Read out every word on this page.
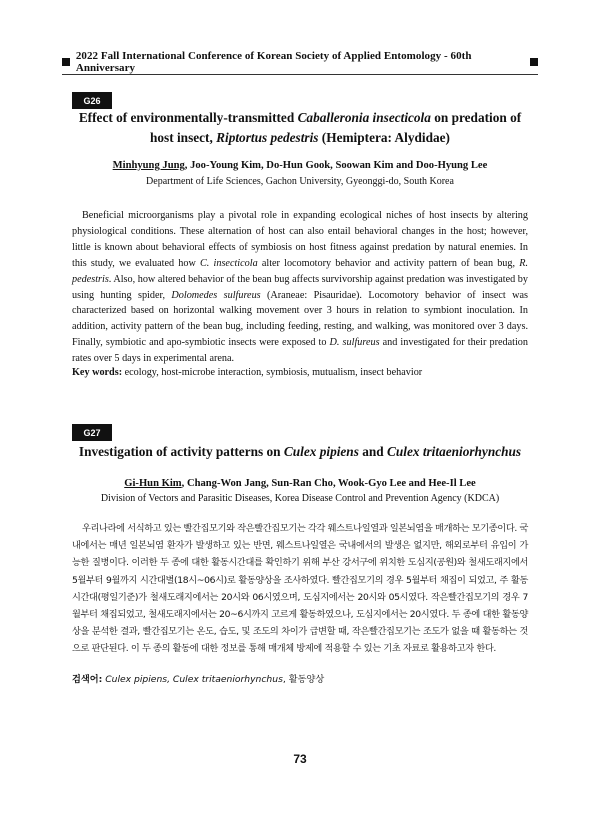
2022 Fall International Conference of Korean Society of Applied Entomology - 60th Anniversary
G26
Effect of environmentally-transmitted Caballeronia insecticola on predation of host insect, Riptortus pedestris (Hemiptera: Alydidae)
Minhyung Jung, Joo-Young Kim, Do-Hun Gook, Soowan Kim and Doo-Hyung Lee
Department of Life Sciences, Gachon University, Gyeonggi-do, South Korea

Beneficial microorganisms play a pivotal role in expanding ecological niches of host insects by altering physiological conditions. These alternation of host can also entail behavioral changes in the host; however, little is known about behavioral effects of symbiosis on host fitness against predation by natural enemies. In this study, we evaluated how C. insecticola alter locomotory behavior and activity pattern of bean bug, R. pedestris. Also, how altered behavior of the bean bug affects survivorship against predation was investigated by using hunting spider, Dolomedes sulfureus (Araneae: Pisauridae). Locomotory behavior of insect was characterized based on horizontal walking movement over 3 hours in relation to symbiont inoculation. In addition, activity pattern of the bean bug, including feeding, resting, and walking, was monitored over 3 days. Finally, symbiotic and apo-symbiotic insects were exposed to D. sulfureus and investigated for their predation rates over 5 days in experimental arena.

Key words: ecology, host-microbe interaction, symbiosis, mutualism, insect behavior
G27
Investigation of activity patterns on Culex pipiens and Culex tritaeniorhynchus
Gi-Hun Kim, Chang-Won Jang, Sun-Ran Cho, Wook-Gyo Lee and Hee-Il Lee
Division of Vectors and Parasitic Diseases, Korea Disease Control and Prevention Agency (KDCA)

우리나라에 서식하고 있는 빨간집모기와 작은빨간집모기는 각각 웨스트나일열과 일본뇌염을 매개하는 모기종이다. 국내에서는 매년 일본뇌염 환자가 발생하고 있는 반면, 웨스트나일열은 국내에서의 발생은 없지만, 해외로부터 유입이 가능한 질병이다. 이러한 두 종에 대한 활동시간대를 확인하기 위해 부산 강서구에 위치한 도심지(공원)와 철새도래지에서 5월부터 9월까지 시간대별(18시~06시)로 활동양상을 조사하였다. 빨간집모기의 경우 5월부터 채집이 되었고, 주 활동시간대(평일기준)가 철새도래지에서는 20시와 06시였으며, 도심지에서는 20시와 05시였다. 작은빨간집모기의 경우 7월부터 채집되었고, 철새도래지에서는 20~6시까지 고르게 활동하였으나, 도심지에서는 20시였다. 두 종에 대한 활동양상을 분석한 결과, 빨간집모기는 온도, 습도, 및 조도의 차이가 급변할 때, 작은빨간집모기는 조도가 없을 때 활동하는 것으로 판단된다. 이 두 종의 활동에 대한 정보를 통해 매개체 방제에 적용할 수 있는 기초 자료로 활용하고자 한다.

검색어: Culex pipiens, Culex tritaeniorhynchus, 활동양상
73
